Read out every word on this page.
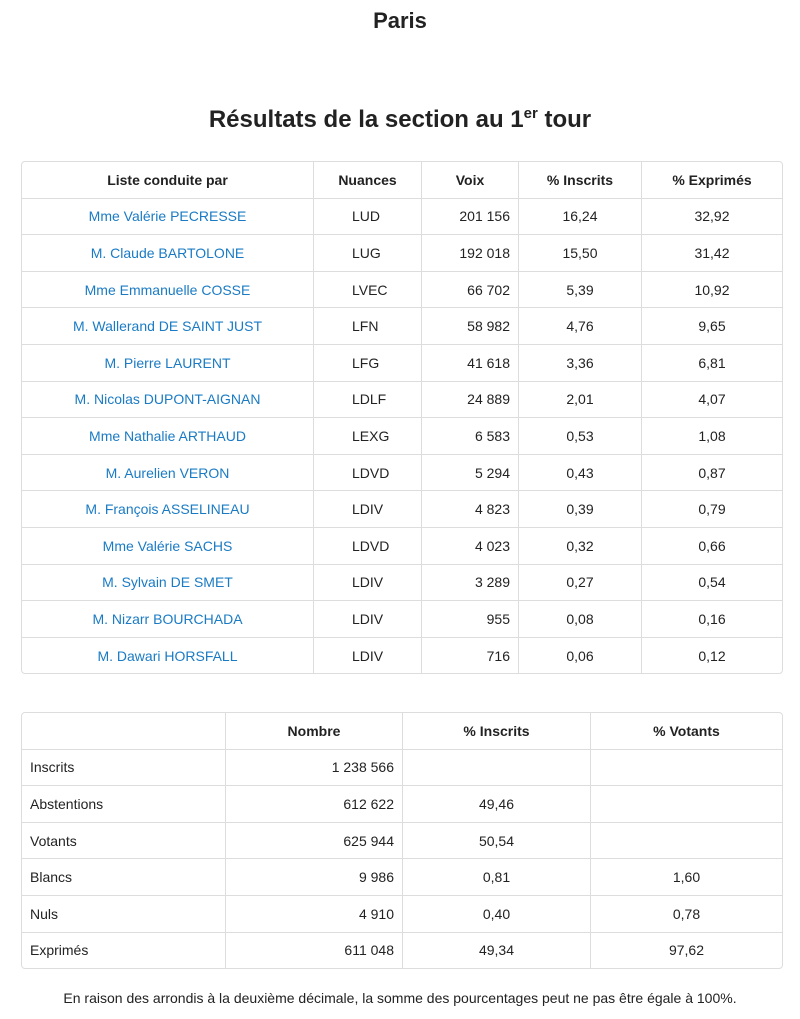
Paris
Résultats de la section au 1er tour
Liste conduite par	Nuances	Voix	% Inscrits	% Exprimés
Mme Valérie PECRESSE	LUD	201 156	16,24	32,92
M. Claude BARTOLONE	LUG	192 018	15,50	31,42
Mme Emmanuelle COSSE	LVEC	66 702	5,39	10,92
M. Wallerand DE SAINT JUST	LFN	58 982	4,76	9,65
M. Pierre LAURENT	LFG	41 618	3,36	6,81
M. Nicolas DUPONT-AIGNAN	LDLF	24 889	2,01	4,07
Mme Nathalie ARTHAUD	LEXG	6 583	0,53	1,08
M. Aurelien VERON	LDVD	5 294	0,43	0,87
M. François ASSELINEAU	LDIV	4 823	0,39	0,79
Mme Valérie SACHS	LDVD	4 023	0,32	0,66
M. Sylvain DE SMET	LDIV	3 289	0,27	0,54
M. Nizarr BOURCHADA	LDIV	955	0,08	0,16
M. Dawari HORSFALL	LDIV	716	0,06	0,12
	Nombre	% Inscrits	% Votants
Inscrits	1 238 566		
Abstentions	612 622	49,46	
Votants	625 944	50,54	
Blancs	9 986	0,81	1,60
Nuls	4 910	0,40	0,78
Exprimés	611 048	49,34	97,62

En raison des arrondis à la deuxième décimale, la somme des pourcentages peut ne pas être égale à 100%.
